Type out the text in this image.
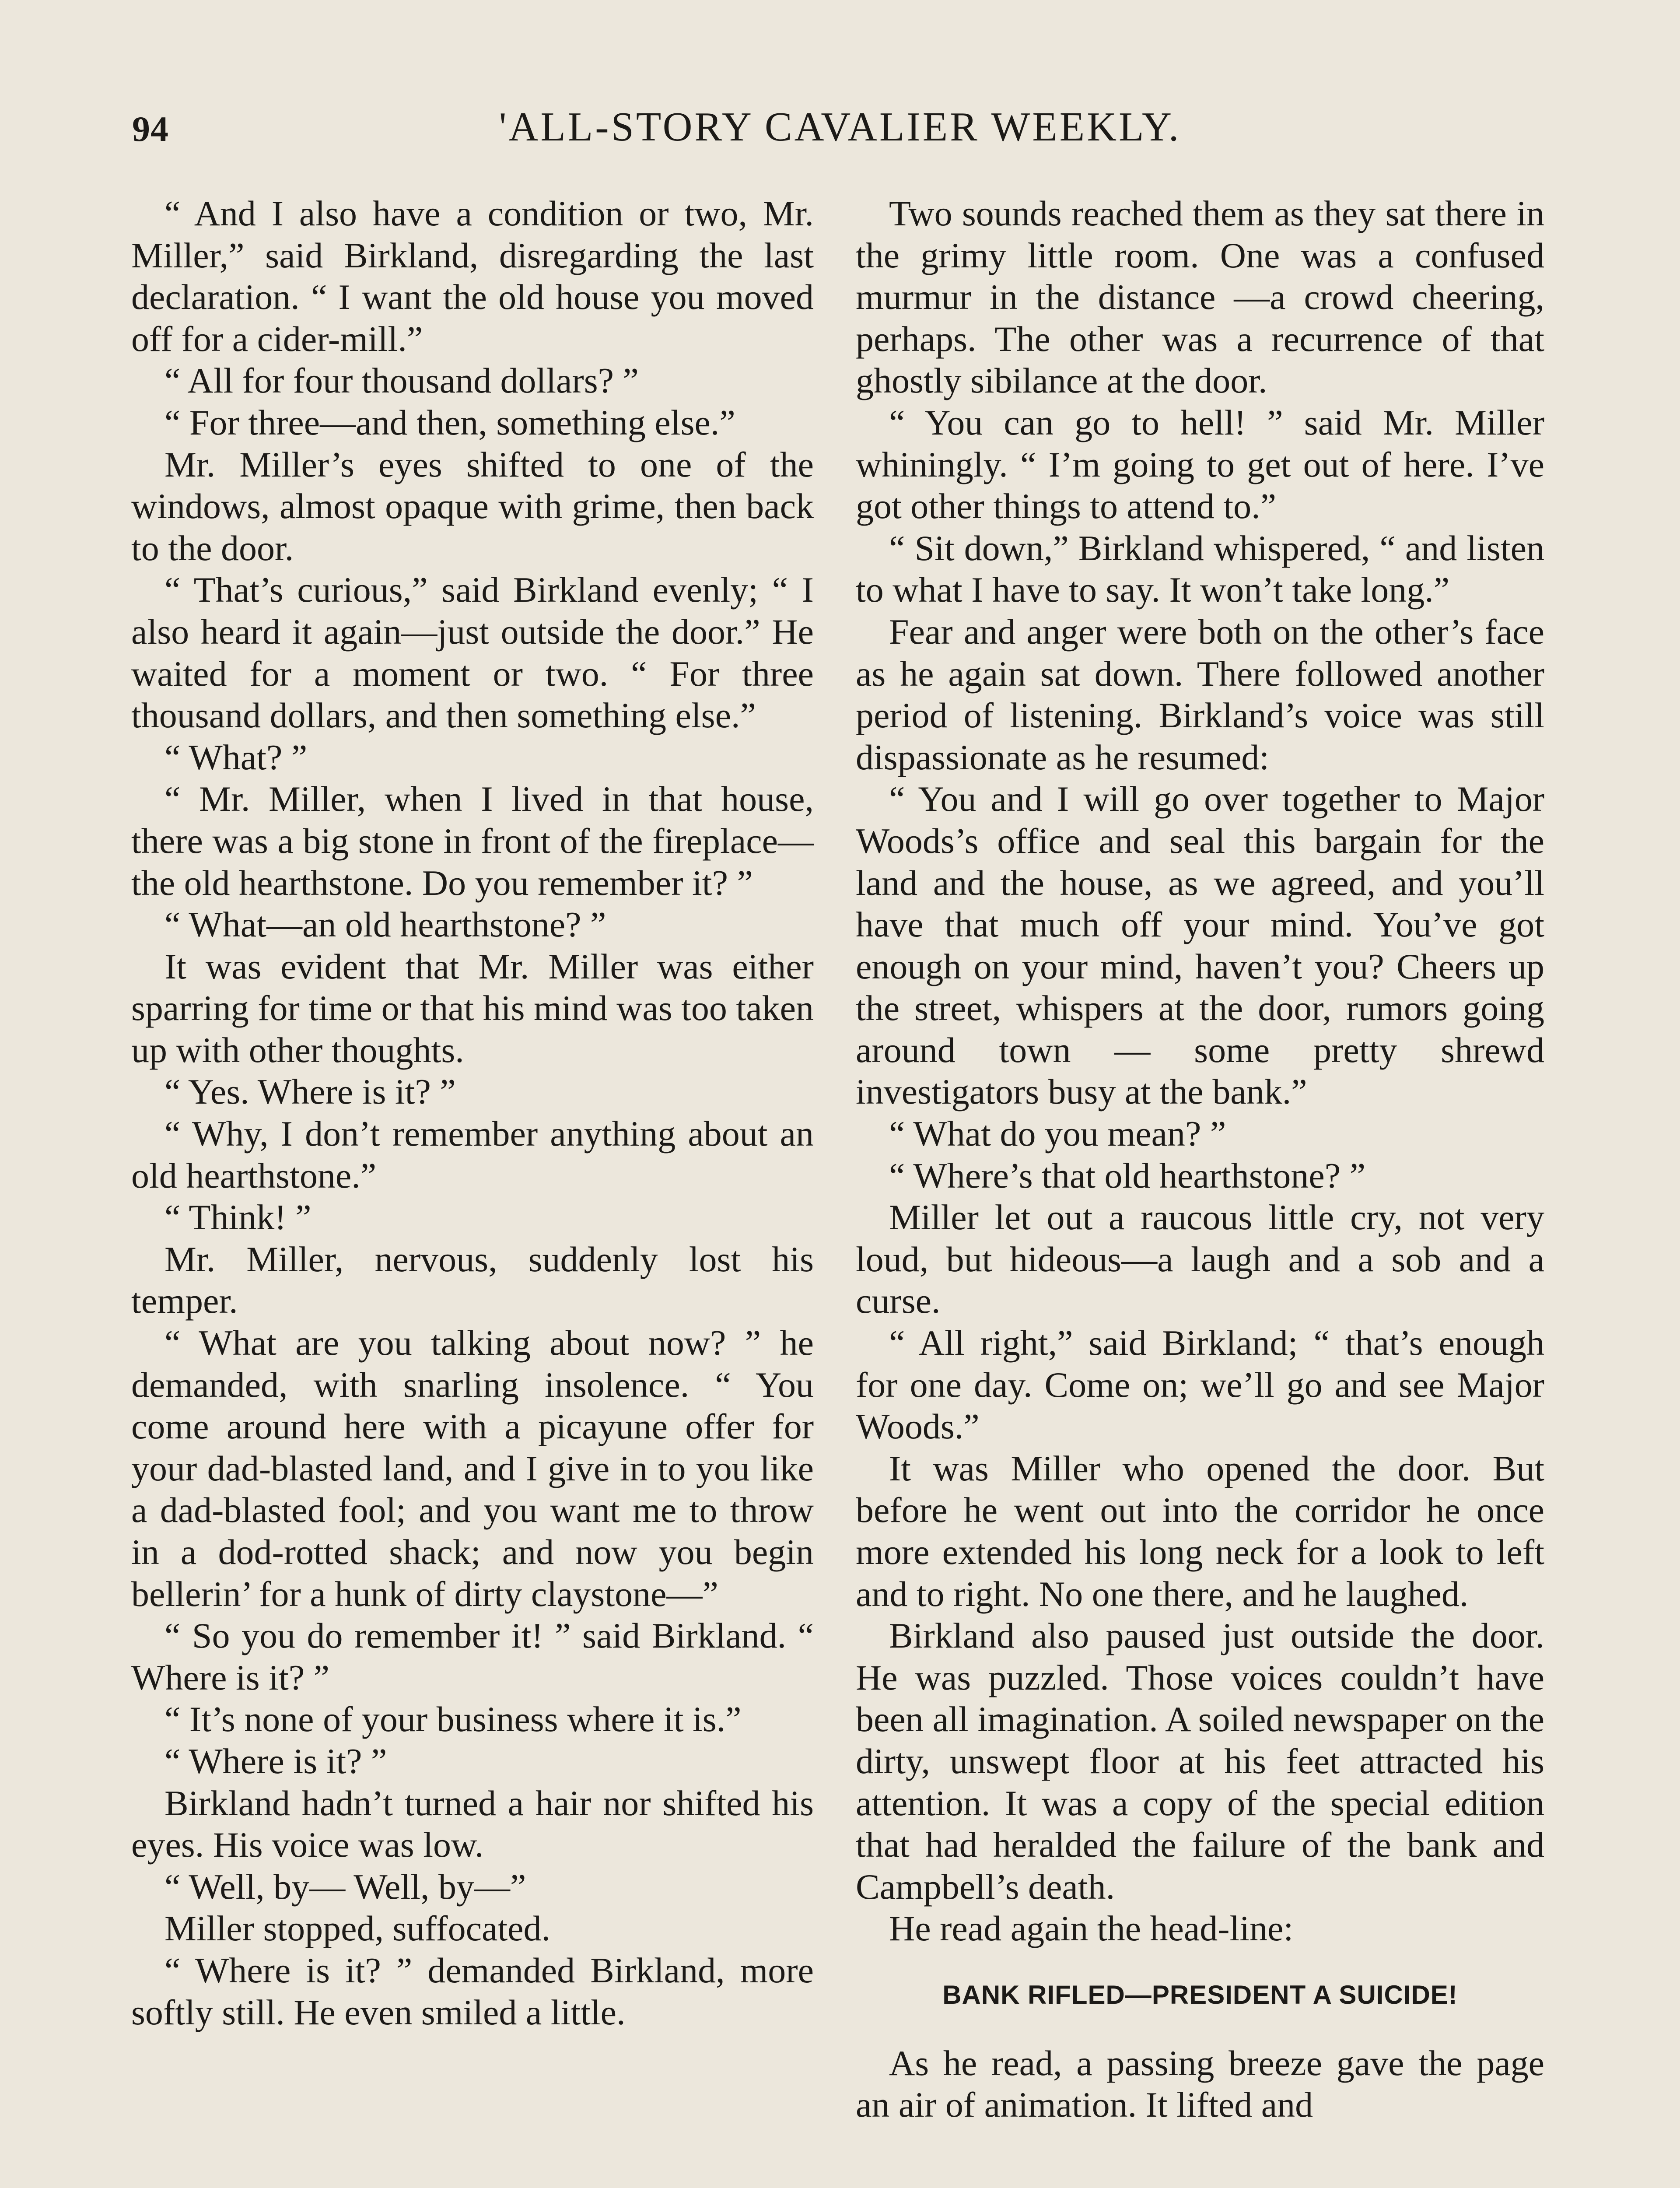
94	'ALL-STORY CAVALIER WEEKLY.

“ And I also have a condition or two, Mr. Miller,” said Birkland, disregarding the last declaration. “ I want the old house you moved off for a cider-mill.”

“ All for four thousand dollars? ”

“ For three—and then, something else.”

Mr. Miller’s eyes shifted to one of the windows, almost opaque with grime, then back to the door.

“ That’s curious,” said Birkland evenly; “ I also heard it again—just outside the door.” He waited for a moment or two. “ For three thousand dollars, and then something else.”

“ What? ”

“ Mr. Miller, when I lived in that house, there was a big stone in front of the fireplace—the old hearthstone. Do you remember it? ”

“ What—an old hearthstone? ”

It was evident that Mr. Miller was either sparring for time or that his mind was too taken up with other thoughts.

“ Yes. Where is it? ”

“ Why, I don’t remember anything about an old hearthstone.”

“ Think! ”

Mr. Miller, nervous, suddenly lost his temper.

“ What are you talking about now? ” he demanded, with snarling insolence. “ You come around here with a picayune offer for your dad-blasted land, and I give in to you like a dad-blasted fool; and you want me to throw in a dod-rotted shack; and now you begin bellerin’ for a hunk of dirty claystone—”

“ So you do remember it! ” said Birkland. “ Where is it? ”

“ It’s none of your business where it is.”

“ Where is it? ”

Birkland hadn’t turned a hair nor shifted his eyes. His voice was low.

“ Well, by— Well, by—”

Miller stopped, suffocated.

“ Where is it? ” demanded Birkland, more softly still. He even smiled a little.

Two sounds reached them as they sat there in the grimy little room. One was a confused murmur in the distance —a crowd cheering, perhaps. The other was a recurrence of that ghostly sibilance at the door.

“ You can go to hell! ” said Mr. Miller whiningly. “ I’m going to get out of here. I’ve got other things to attend to.”

“ Sit down,” Birkland whispered, “ and listen to what I have to say. It won’t take long.”

Fear and anger were both on the other’s face as he again sat down. There followed another period of listening. Birkland’s voice was still dispassionate as he resumed:

“ You and I will go over together to Major Woods’s office and seal this bargain for the land and the house, as we agreed, and you’ll have that much off your mind. You’ve got enough on your mind, haven’t you? Cheers up the street, whispers at the door, rumors going around town — some pretty shrewd investigators busy at the bank.”

“ What do you mean? ”

“ Where’s that old hearthstone? ”

Miller let out a raucous little cry, not very loud, but hideous—a laugh and a sob and a curse.

“ All right,” said Birkland; “ that’s enough for one day. Come on; we’ll go and see Major Woods.”

It was Miller who opened the door. But before he went out into the corridor he once more extended his long neck for a look to left and to right. No one there, and he laughed.

Birkland also paused just outside the door. He was puzzled. Those voices couldn’t have been all imagination. A soiled newspaper on the dirty, unswept floor at his feet attracted his attention. It was a copy of the special edition that had heralded the failure of the bank and Campbell’s death.

He read again the head-line:

BANK RIFLED—PRESIDENT A SUICIDE!

As he read, a passing breeze gave the page an air of animation. It lifted and
